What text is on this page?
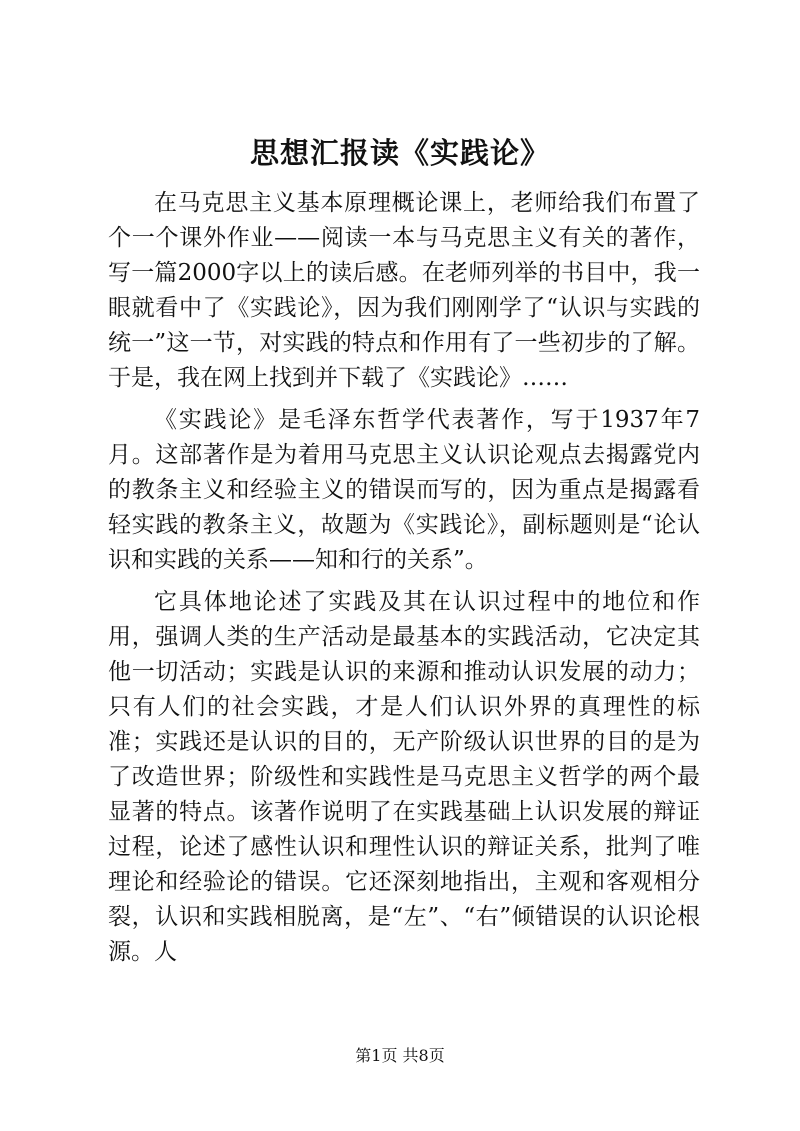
思想汇报读《实践论》

在马克思主义基本原理概论课上，老师给我们布置了个一个课外作业——阅读一本与马克思主义有关的著作，写一篇2000字以上的读后感。在老师列举的书目中，我一眼就看中了《实践论》，因为我们刚刚学了“认识与实践的统一”这一节，对实践的特点和作用有了一些初步的了解。于是，我在网上找到并下载了《实践论》……

《实践论》是毛泽东哲学代表著作，写于1937年7月。这部著作是为着用马克思主义认识论观点去揭露党内的教条主义和经验主义的错误而写的，因为重点是揭露看轻实践的教条主义，故题为《实践论》，副标题则是“论认识和实践的关系——知和行的关系”。

它具体地论述了实践及其在认识过程中的地位和作用，强调人类的生产活动是最基本的实践活动，它决定其他一切活动；实践是认识的来源和推动认识发展的动力；只有人们的社会实践，才是人们认识外界的真理性的标准；实践还是认识的目的，无产阶级认识世界的目的是为了改造世界；阶级性和实践性是马克思主义哲学的两个最显著的特点。该著作说明了在实践基础上认识发展的辩证过程，论述了感性认识和理性认识的辩证关系，批判了唯理论和经验论的错误。它还深刻地指出，主观和客观相分裂，认识和实践相脱离，是“左”、“右”倾错误的认识论根源。人

第1页 共8页
